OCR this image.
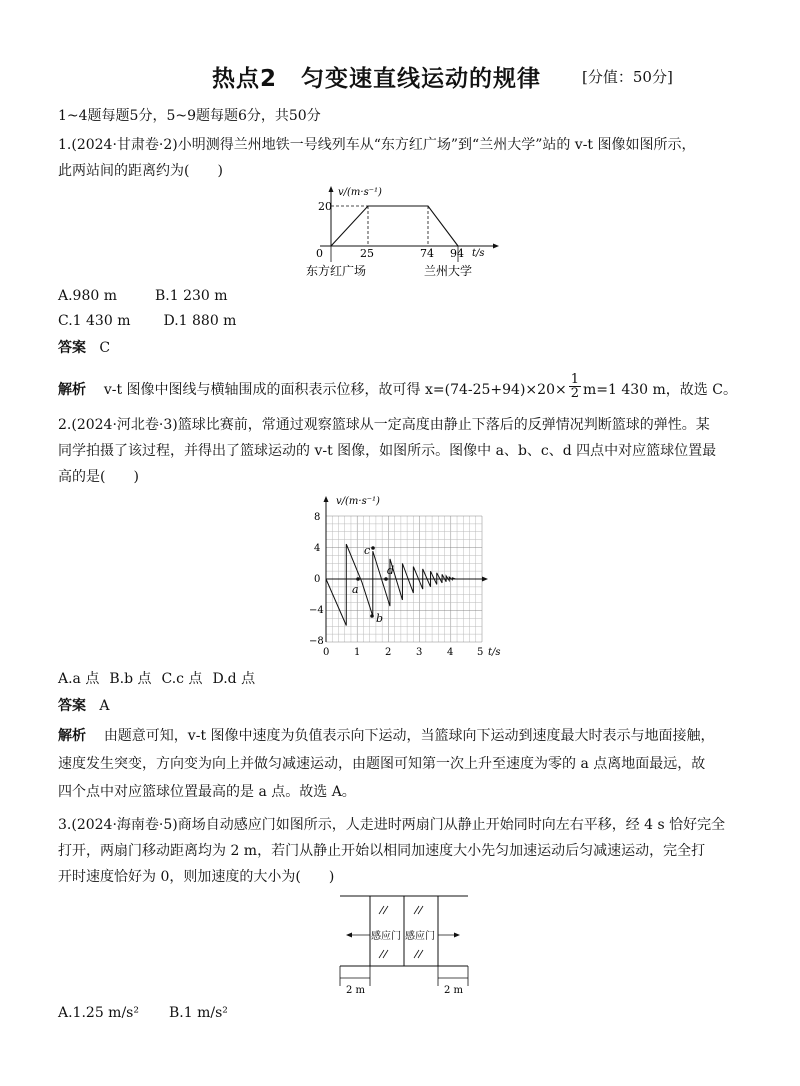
热点2　匀变速直线运动的规律	[分值：50分]
1~4题每题5分，5~9题每题6分，共50分
1.(2024·甘肃卷·2)小明测得兰州地铁一号线列车从“东方红广场”到“兰州大学”站的 v-t 图像如图所示，
此两站间的距离约为(　　)
v/(m·s⁻¹)
20
t/s
0	25	74 94
东方红广场	兰州大学
A.980 m	B.1 230 m
C.1 430 m D.1 880 m
答案 C
解析 v-t 图像中图线与横轴围成的面积表示位移，故可得 $x=(74-25+94)\times 20\times \frac{1}{2} m=1$ 430 m，故选 C。
2.(2024·河北卷·3)篮球比赛前，常通过观察篮球从一定高度由静止下落后的反弹情况判断篮球的弹性。某
同学拍摄了该过程，并得出了篮球运动的 v-t 图像，如图所示。图像中 a、b、c、d 四点中对应篮球位置最
高的是(　　)
a
b
c
d
v/(m·s⁻¹)
8
4
0
−4
−8
0 1 2 3 4 5 t/s
A.a 点 B.b 点 C.c 点 D.d 点
答案 A
解析 由题意可知，v-t 图像中速度为负值表示向下运动，当篮球向下运动到速度最大时表示与地面接触，
速度发生突变，方向变为向上并做匀减速运动，由题图可知第一次上升至速度为零的 a 点离地面最远，故
四个点中对应篮球位置最高的是 a 点。故选 A。
3.(2024·海南卷·5)商场自动感应门如图所示，人走进时两扇门从静止开始同时向左右平移，经 4 s 恰好完全
打开，两扇门移动距离均为 2 m，若门从静止开始以相同加速度大小先匀加速运动后匀减速运动，完全打
开时速度恰好为 0，则加速度的大小为(　　)
感应门 感应门
2 m	2 m
A.1.25 m/s² B.1 m/s²
